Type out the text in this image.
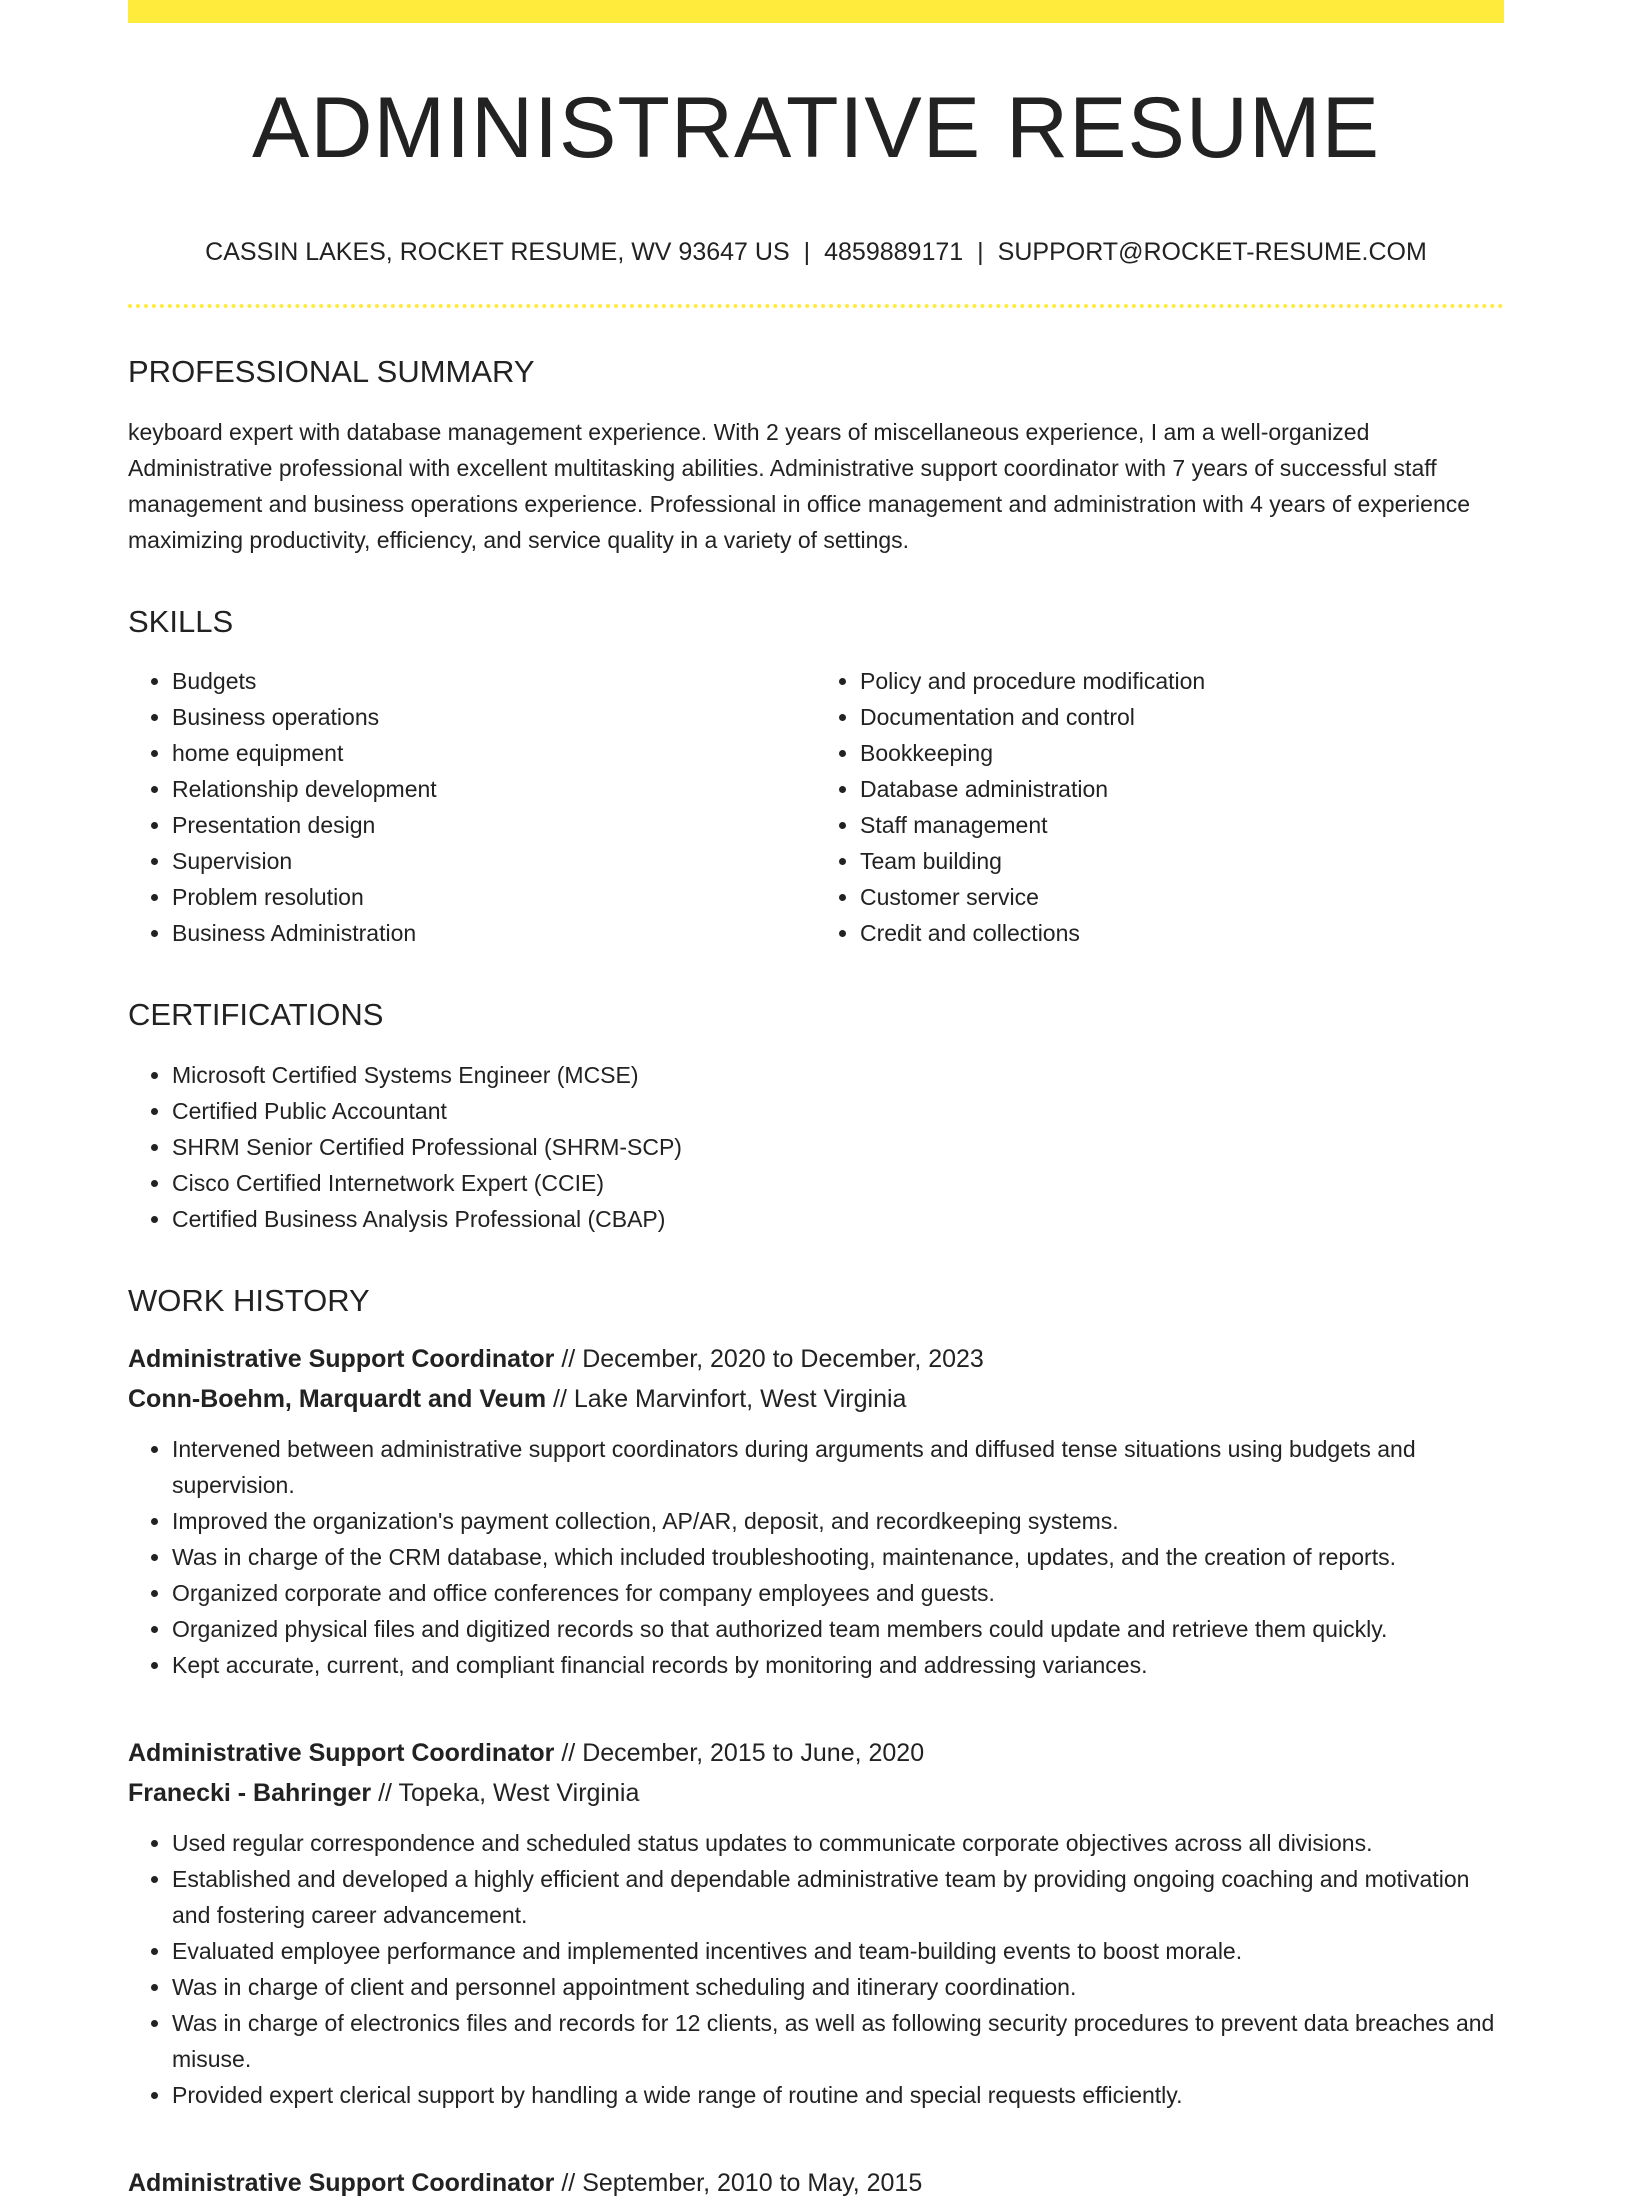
ADMINISTRATIVE RESUME
CASSIN LAKES, ROCKET RESUME, WV 93647 US | 4859889171 | SUPPORT@ROCKET-RESUME.COM
PROFESSIONAL SUMMARY

keyboard expert with database management experience. With 2 years of miscellaneous experience, I am a well-organized Administrative professional with excellent multitasking abilities. Administrative support coordinator with 7 years of successful staff management and business operations experience. Professional in office management and administration with 4 years of experience maximizing productivity, efficiency, and service quality in a variety of settings.

SKILLS
• Budgets
• Business operations
• home equipment
• Relationship development
• Presentation design
• Supervision
• Problem resolution
• Business Administration
• Policy and procedure modification
• Documentation and control
• Bookkeeping
• Database administration
• Staff management
• Team building
• Customer service
• Credit and collections
CERTIFICATIONS
• Microsoft Certified Systems Engineer (MCSE)
• Certified Public Accountant
• SHRM Senior Certified Professional (SHRM-SCP)
• Cisco Certified Internetwork Expert (CCIE)
• Certified Business Analysis Professional (CBAP)
WORK HISTORY
Administrative Support Coordinator // December, 2020 to December, 2023
Conn-Boehm, Marquardt and Veum // Lake Marvinfort, West Virginia
• Intervened between administrative support coordinators during arguments and diffused tense situations using budgets and supervision.
• Improved the organization's payment collection, AP/AR, deposit, and recordkeeping systems.
• Was in charge of the CRM database, which included troubleshooting, maintenance, updates, and the creation of reports.
• Organized corporate and office conferences for company employees and guests.
• Organized physical files and digitized records so that authorized team members could update and retrieve them quickly.
• Kept accurate, current, and compliant financial records by monitoring and addressing variances.
Administrative Support Coordinator // December, 2015 to June, 2020
Franecki - Bahringer // Topeka, West Virginia
• Used regular correspondence and scheduled status updates to communicate corporate objectives across all divisions.
• Established and developed a highly efficient and dependable administrative team by providing ongoing coaching and motivation and fostering career advancement.
• Evaluated employee performance and implemented incentives and team-building events to boost morale.
• Was in charge of client and personnel appointment scheduling and itinerary coordination.
• Was in charge of electronics files and records for 12 clients, as well as following security procedures to prevent data breaches and misuse.
• Provided expert clerical support by handling a wide range of routine and special requests efficiently.
Administrative Support Coordinator // September, 2010 to May, 2015
